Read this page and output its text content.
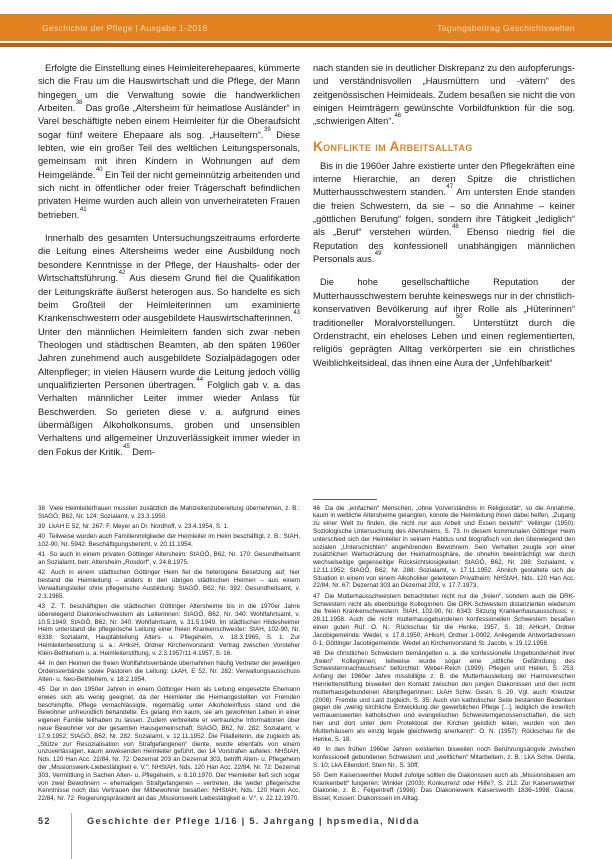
Geschichte der Pflege | Ausgabe 1-2016	Tagungsbeitrag Geschichtswelten
Erfolgte die Einstellung eines Heimleiterehepaares, kümmerte sich die Frau um die Hauswirtschaft und die Pflege, der Mann hingegen um die Verwaltung sowie die handwerklichen Arbeiten.$^{38}$ Das große „Altersheim für heimatlose Ausländer“ in Varel beschäftigte neben einem Heimleiter für die Oberaufsicht sogar fünf weitere Ehepaare als sog. „Hauseltern“.$^{39}$ Diese lebten, wie ein großer Teil des weltlichen Leitungspersonals, gemeinsam mit ihren Kindern in Wohnungen auf dem Heimgelände.$^{40}$ Ein Teil der nicht gemeinnützig arbeitenden und sich nicht in öffentlicher oder freier Trägerschaft befindlichen privaten Heime wurden auch allein von unverheirateten Frauen betrieben.$^{41}$
Innerhalb des gesamten Untersuchungszeitraums erforderte die Leitung eines Altersheims weder eine Ausbildung noch besondere Kenntnisse in der Pflege, der Haushalts- oder der Wirtschaftsführung.$^{42}$ Aus diesem Grund fiel die Qualifikation der Leitungskräfte äußerst heterogen aus. So handelte es sich beim Großteil der Heimleiterinnen um examinierte Krankenschwestern oder ausgebildete Hauswirtschafterinnen.$^{43}$ Unter den männlichen Heimleitern fanden sich zwar neben Theologen und städtischen Beamten, ab den späten 1960er Jahren zunehmend auch ausgebildete Sozialpädagogen oder Altenpfleger; in vielen Häusern wurde die Leitung jedoch völlig unqualifizierten Personen übertragen.$^{44}$ Folglich gab v. a. das Verhalten männlicher Leiter immer wieder Anlass für Beschwerden. So gerieten diese v. a. aufgrund eines übermäßigen Alkoholkonsums, groben und unsensiblen Verhaltens und allgemeiner Unzuverlässigkeit immer wieder in den Fokus der Kritik.$^{45}$ Dem-
38 Viele Heimleiterfrauen mussten zusätzlich die Mahlzeitenzubereitung übernehmen, z. B.: StAGÖ, B62, Nr. 124: Sozialamt, v. 23.3.1950.
39 LkAH E 52, Nr. 267: F. Meyer an Dr. Nordhoff, v. 23.4.1954, S. 1.
40 Teilweise wurden auch Familienmitglieder der Heimleiter im Heim beschäftigt, z. B.: StAH, 102-90, Nr. 5942: Beschäftigungsbericht, v. 20.11.1954.
41 So auch in einem privaten Göttinger Altersheim: StAGÖ, B62, Nr. 170: Gesundheitsamt an Sozialamt, betr. Altersheim „Rosdorf“, v. 24.8.1975.
42 Auch in einem städtischen Göttinger Heim fiel die heterogene Besetzung auf; hier bestand die Heimleitung – anders in den übrigen städtischen Heimen – aus einem Verwaltungsleiter ohne pflegerische Ausbildung: StAGÖ, B62, Nr. 392: Gesundheitsamt, v. 2.3.1965.
43 Z. T. beschäftigten die städtischen Göttinger Altersheime bis in die 1970er Jahre überwiegend Diakonieschwestern als Leiterinnen: StAGÖ, B62, Nr. 340: Wohlfahrtsamt, v. 10.5.1949; StAGÖ, B62, Nr. 340: Wohlfahrtsamt, v. 31.5.1949. Im städtischen Hildesheimer Heim unterstand die pflegerische Leitung einer freien Krankenschwester: StAH, 102-90, Nr. 6338: Sozialamt, Hauptabteilung Alters- u. Pflegeheim, v. 18.3.1965, S. 1. Zur Heimleiterbesetzung u. a.: AHksH, Ordner Kirchenvorstand: Vertrag zwischen Vorsteher Klein-Bethlehem u. a. Heimleiterstiftung, v. 2.3.1957/11.4.1957, S. 16.
44 In den Heimen der freien Wohlfahrtsverbände übernahmen häufig Vertreter der jeweiligen Ordensverbände sowie Pastoren die Leitung: LkAH, E 52, Nr. 282: Verwaltungsausschuss Alten- u. Neu-Bethlehem, v. 18.2.1954.
45 Der in den 1950er Jahren in einem Göttinger Heim als Leitung eingesetzte Ehemann erwies sich als wenig geeignet, da der Heimleiter die Heimangestellten vor Fremden beschimpfte, Pflege vernachlässigte, regelmäßig unter Alkoholeinfluss stand und die Bewohner unfreundlich behandelte. Es gelang ihm kaum, sie am gewohnten Leben in einer eigenen Familie teilhaben zu lassen. Zudem verbreitete er vertrauliche Informationen über neue Bewohner vor der gesamten Hausgemeinschaft: StAGÖ, B62, Nr. 282: Sozialamt, v. 17.9.1952; StAGÖ, B62, Nr. 282: Sozialamt, v. 12.11.1952. Die Filialleiterin, die zugleich als „Stütze zur Resozialisation von Strafgefangenen“ diente, wurde ebenfalls von einem unzuverlässigen, kaum anwesenden Heimleiter geführt, der 14 Vorstrafen aufwies: NHStAH, Nds. 120 Han Acc. 22/84, Nr. 72: Dezernat 203 an Dezernat 303, betrifft Alten- u. Pflegeheim der „Missionswerk-Liebestätigkeit e. V.“; NHStAH, Nds. 120 Han Acc. 22/84, Nr. 72: Dezernat 303, Vermittlung in Sachen Alten- u. Pflegeheim, v. 8.10.1970. Der Heimleiter ließ sich sogar von zwei Bewohnern – ehemaligen Strafgefangenen – vertreten, die weder pflegerische Kenntnisse noch das Vertrauen der Mitbewohner besaßen: NHStAH, Nds. 120 Hann Acc. 22/84, Nr. 72: Regierungspräsident an das „Missionswerk Liebestätigkeit e. V.“, v. 22.12.1970.
nach standen sie in deutlicher Diskrepanz zu den aufopferungs- und verständnisvollen „Hausmüttern und -vätern“ des zeitgenössischen Heimideals. Zudem besaßen sie nicht die von einigen Heimträgern gewünschte Vorbildfunktion für die sog. „schwierigen Alten“.$^{46}$
Konflikte im Arbeitsalltag
Bis in die 1960er Jahre existierte unter den Pflegekräften eine interne Hierarchie, an deren Spitze die christlichen Mutterhausschwestern standen.$^{47}$ Am untersten Ende standen die freien Schwestern, da sie – so die Annahme – keiner „göttlichen Berufung“ folgen, sondern ihre Tätigkeit „lediglich“ als „Beruf“ verstehen würden.$^{48}$ Ebenso niedrig fiel die Reputation des konfessionell unabhängigen männlichen Personals aus.$^{49}$
Die hohe gesellschaftliche Reputation der Mutterhausschwestern beruhte keineswegs nur in der christlich-konservativen Bevölkerung auf ihrer Rolle als „Hüterinnen“ traditioneller Moralvorstellungen.$^{50}$ Unterstützt durch die Ordenstracht, ein eheloses Leben und einen reglementierten, religiös geprägten Alltag verkörperten sie ein christliches Weiblichkeitsideal, das ihnen eine Aura der „Unfehlbarkeit“
46 Da die „einfachen“ Menschen, „ohne Vorverständnis in Religiosität“, so die Annahme, kaum in weltliche Altersheime gelangten, konnte die Heimleitung ihnen dabei helfen, „Zugang zu einer Welt zu finden, die nicht nur aus Arbeit und Essen besteht“: Vellinger (1950): Soziologische Untersuchung des Altersheims, S. 73. In diesem kommunalen Göttinger Heim unterschied sich der Heimleiter in seinem Habitus und biografisch von den überwiegend den sozialen „Unterschichten“ angehörenden Bewohnern. Sein Verhalten zeugte von einer zusätzlichen Wertschätzung der Heimatmosphäre, die ohnehin beeinträchtigt war durch wechselseitige gegenseitige Rücksichtslosigkeiten: StAGÖ, B62, Nr. 288: Sozialamt, v. 12.11.1952; StAGÖ, B62, Nr. 288: Sozialamt, v. 17.11.1952. Ähnlich gestaltete sich die Situation in einem von einem Alkoholiker geleiteten Privatheim: NHStAH, Nds. 120 Han Acc. 22/84, Nr. 67: Dezernat 303 an Dezernat 203, v. 17.7.1973.
47 Die Mutterhausschwestern betrachteten nicht nur die „freien“, sondern auch die DRK-Schwestern nicht als ebenbürtige Kolleginnen. Die DRK-Schwestern distanzierten wiederum die freien Krankenschwestern: StAH, 102-90, Nr. 6343: Sitzung Krankenhausausschuss, v. 28.11.1958. Auch die nicht mutterhausgebundenen konfessionellen Schwestern besaßen einen guten Ruf: O. N.: Rückschau für die Henke, 1957, S. 18; AHksH, Ordner Jacobigemeinde: Wedel, v. 17.8.1950; AHksH, Ordner 1-0002, Anliegende Antwortadressen 0-1, Göttinger Jacobigemeinde: Wedel an Kirchenvorstand St. Jacobi, v. 19.12.1958.
48 Die christlichen Schwestern bemängelten u. a. die konfessionelle Ungebundenheit ihrer „freien“ Kolleginnen; teilweise wurde sogar eine „sittliche Gefährdung des Schwesternnachwuchses“ befürchtet: Weber-Reich (1999): Pflegen und Heilen, S. 253. Anfang der 1960er Jahre missbilligte z. B. die Mutterhausleitung der Hannoverschen Henriettenstiftung bisweilen den Kontakt zwischen den jungen Diakonissen und den nicht mutterhausgebundenen Altenpflegerinnen: LkAH Schw. Gesin, S. 20. Vgl. auch: Kreutzer (2008): Fremde und Last zugleich, S. 35. Auch von katholischer Seite bestanden Bedenken gegen die „wenig kirchliche Entwicklung der gewerblichen Pflege [...], lediglich die innerlich vertrauenswerten katholischen und evangelischen Schwesterngenossenschaften, die sich hier und dort unter dem Protektorat der Kirchen geistlich leiten, wurden von den Mutterhäusern als einzig legale gleichwertig anerkannt“: O. N. (1957): Rückschau für die Henke, S. 18.
49 In den frühen 1960er Jahren existierten bisweilen noch Berührungsängste zwischen konfessionell gebundenen Schwestern und „weltlichen“ Mitarbeitern, z. B.: LkA Schw. Gerda, S. 10; LkA Ellendorf, Stein Nr., S. 30ff.
50 Dem Kaiserswerther Modell zufolge sollten die Diakonissen auch als „Missionsbasen am Krankenbett“ fungieren: Winkler (2003): Konkurrenz oder Hilfe?, S. 212. Zur Kaiserswerther Diakonie, z. B.: Felgentreff (1998): Das Diakoniewerk Kaiserswerth 1836–1998; Gause, Bissel, Kossen: Diakonissen im Alltag.
52	Geschichte der Pflege 1/16 | 5. Jahrgang | hpsmedia, Nidda
